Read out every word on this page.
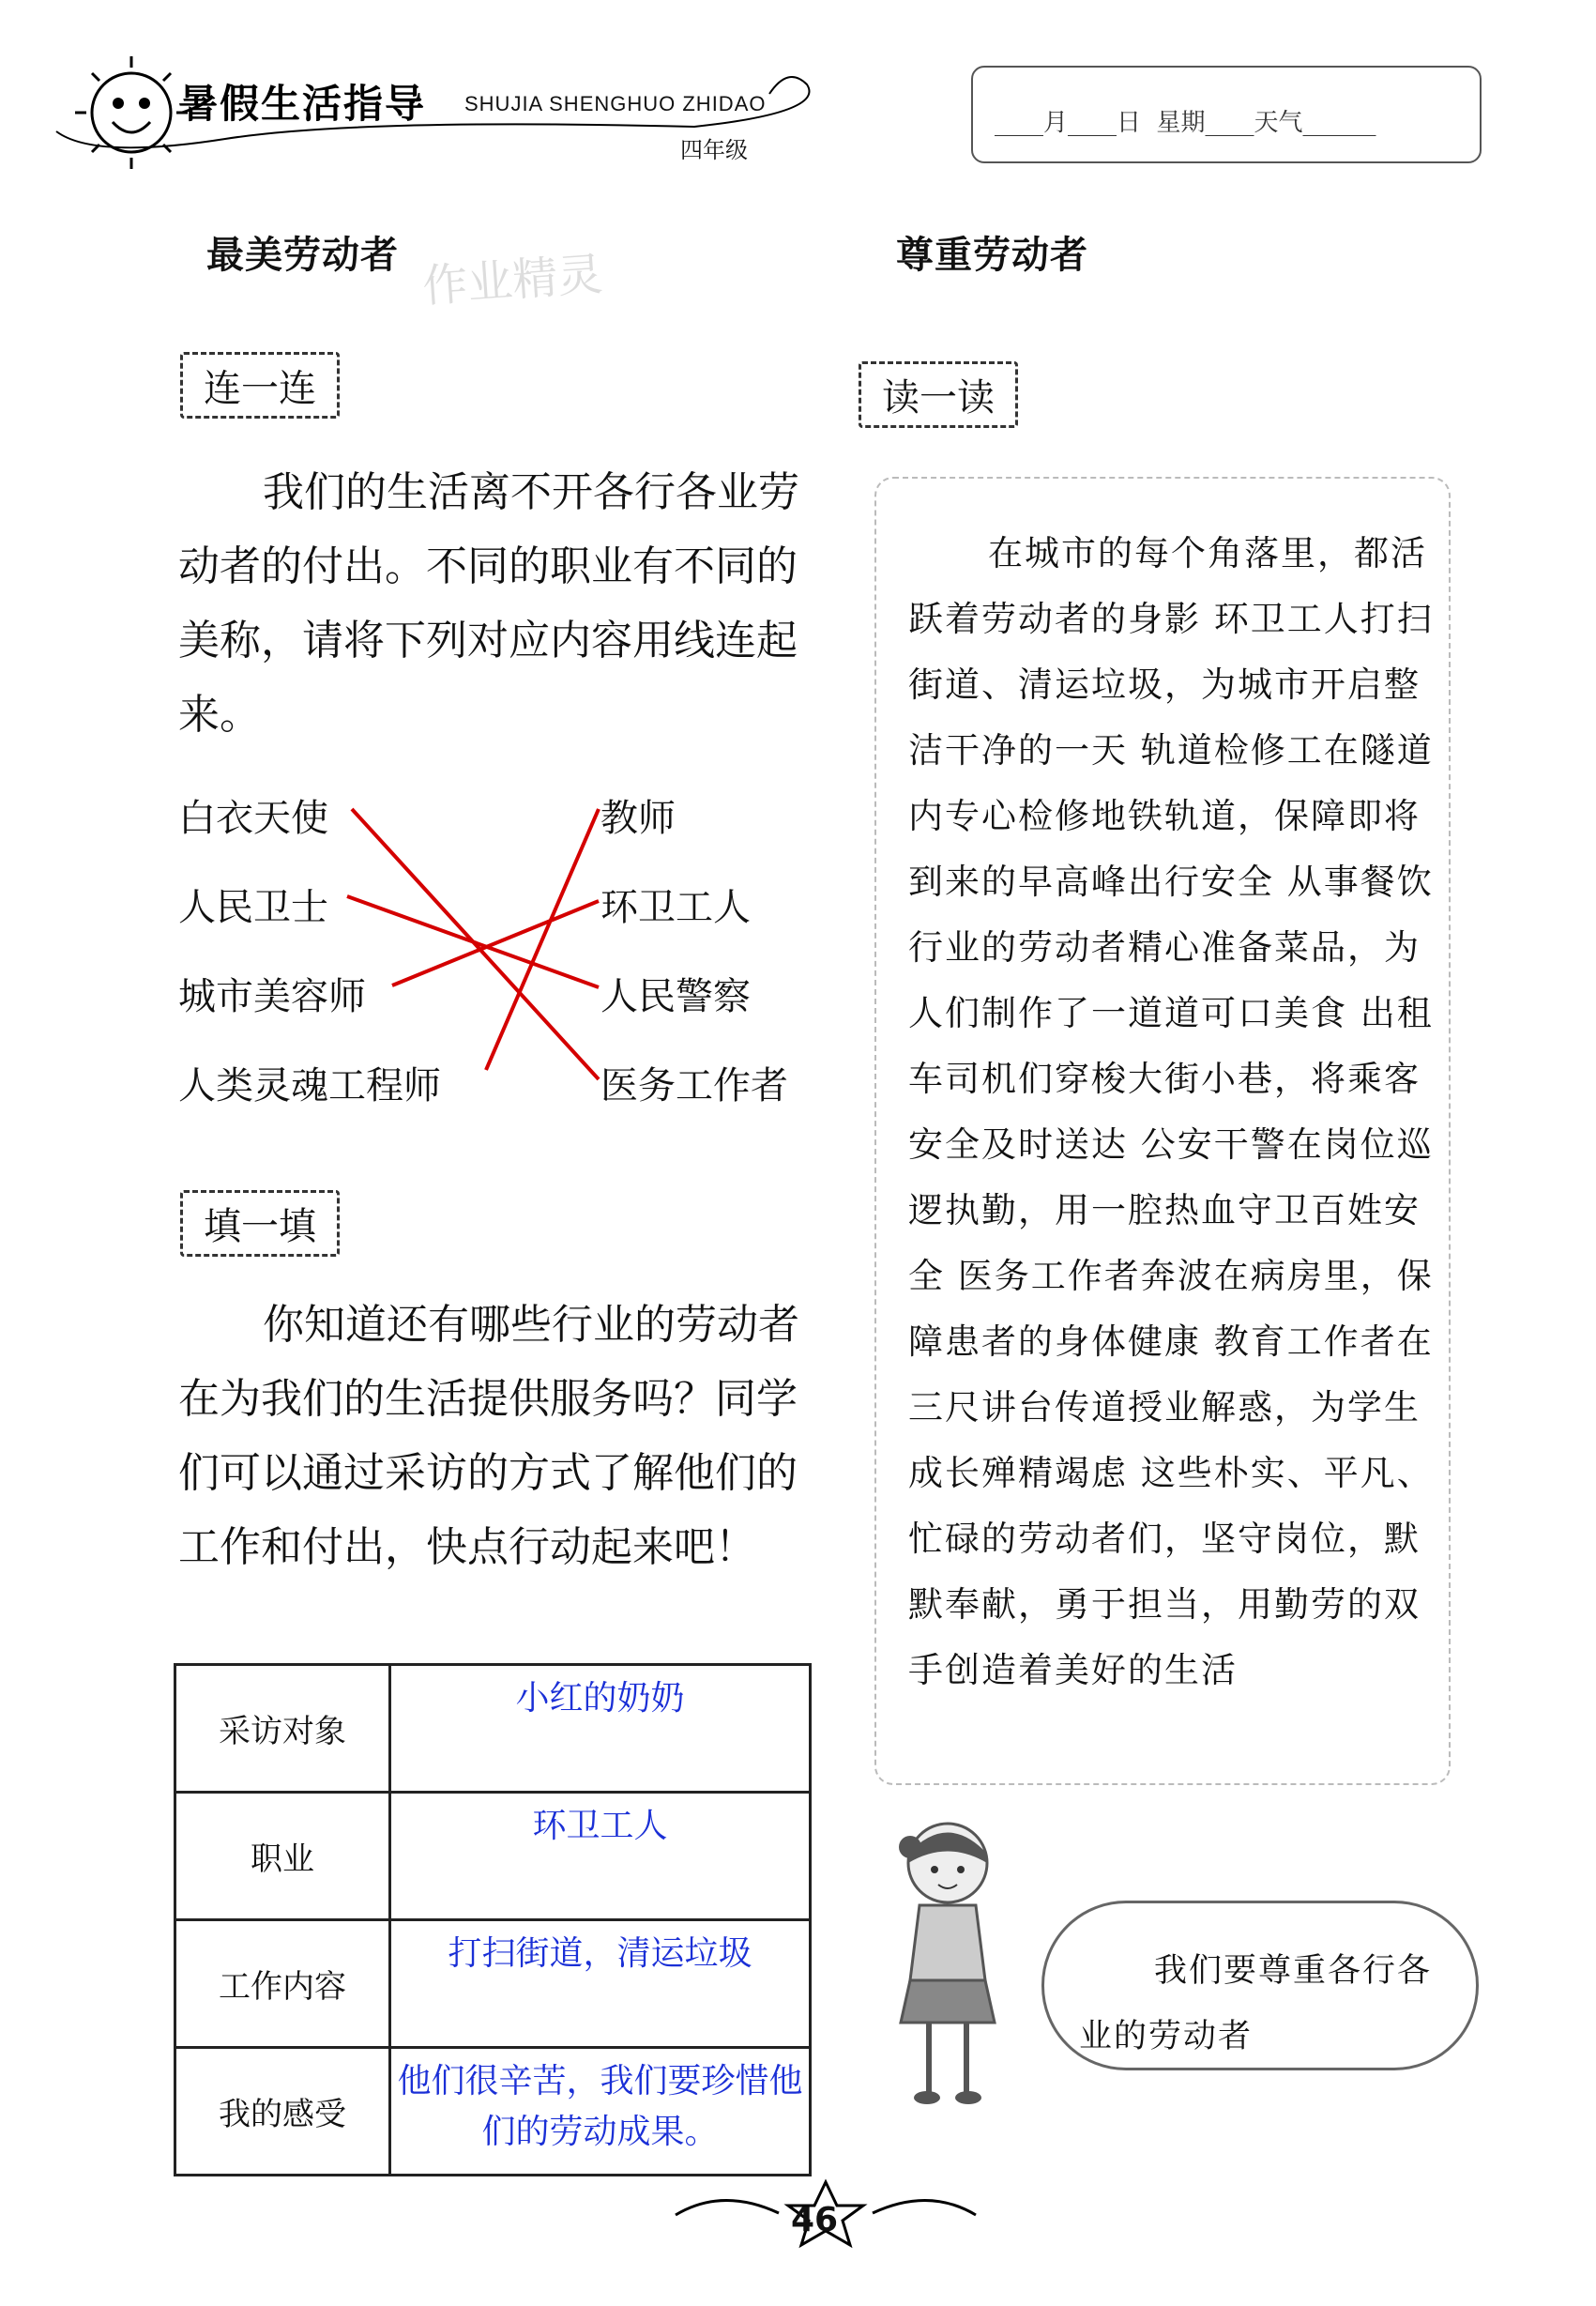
暑假生活指导 SHUJIA SHENGHUO ZHIDAO
四年级
____月____日  星期____天气______
最美劳动者 作业精灵
连一连
我们的生活离不开各行各业劳动者的付出。不同的职业有不同的美称，请将下列对应内容用线连起来。
白衣天使
人民卫士
城市美容师
人类灵魂工程师
教师
环卫工人
人民警察
医务工作者
填一填
你知道还有哪些行业的劳动者在为我们的生活提供服务吗？同学们可以通过采访的方式了解他们的工作和付出，快点行动起来吧！
采访对象	小红的奶奶
职业	环卫工人
工作内容	打扫街道，清运垃圾
我的感受	他们很辛苦，我们要珍惜他们的劳动成果。
尊重劳动者
读一读
在城市的每个角落里，都活跃着劳动者的身影 环卫工人打扫街道、清运垃圾，为城市开启整洁干净的一天 轨道检修工在隧道内专心检修地铁轨道，保障即将到来的早高峰出行安全 从事餐饮行业的劳动者精心准备菜品，为人们制作了一道道可口美食 出租车司机们穿梭大街小巷，将乘客安全及时送达 公安干警在岗位巡逻执勤，用一腔热血守卫百姓安全 医务工作者奔波在病房里，保障患者的身体健康 教育工作者在三尺讲台传道授业解惑，为学生成长殚精竭虑 这些朴实、平凡、忙碌的劳动者们，坚守岗位，默默奉献，勇于担当，用勤劳的双手创造着美好的生活
我们要尊重各行各业的劳动者
46
